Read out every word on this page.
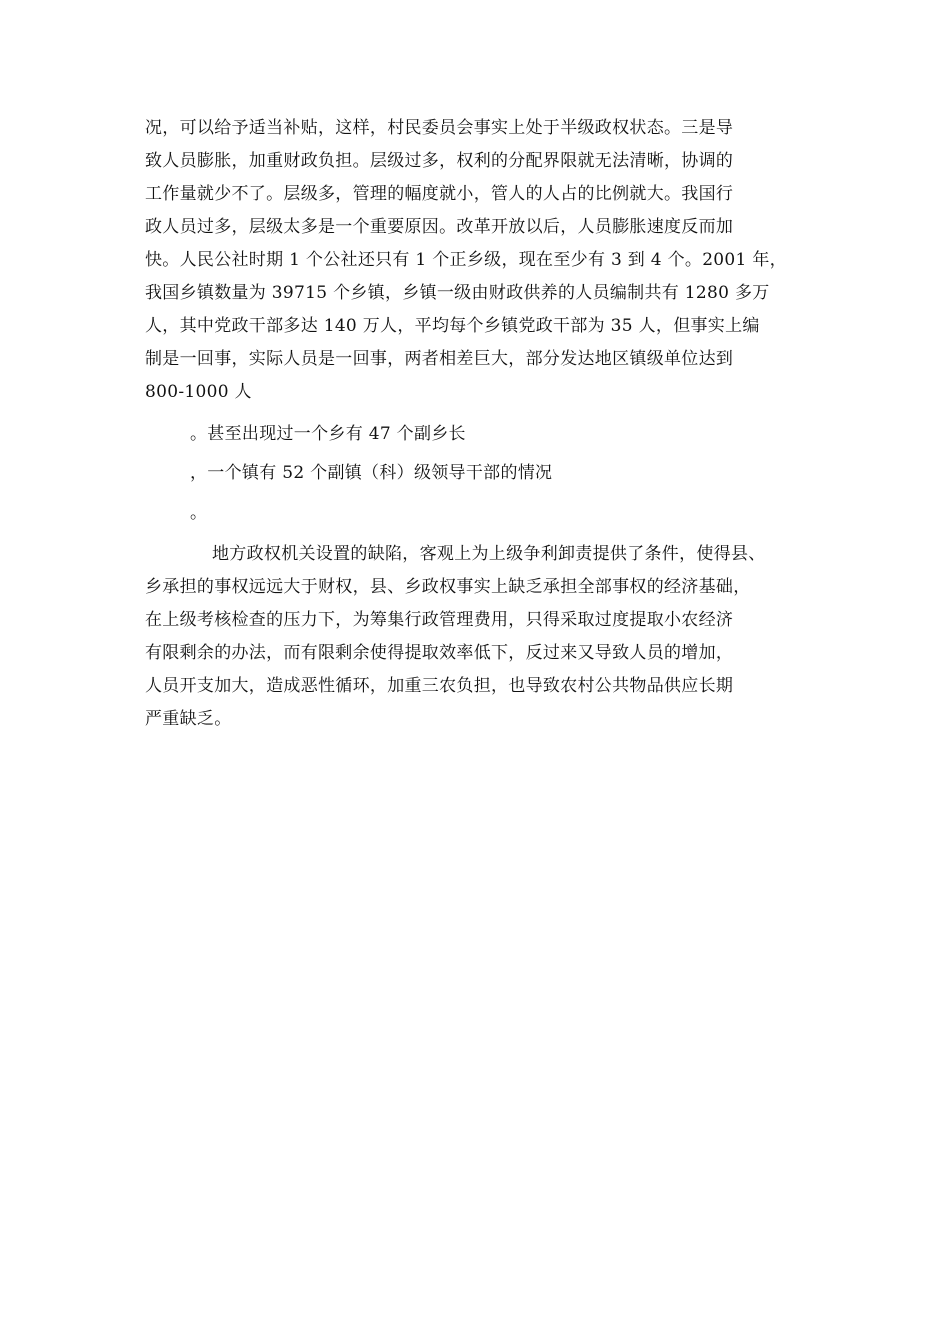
况，可以给予适当补贴，这样，村民委员会事实上处于半级政权状态。三是导
致人员膨胀，加重财政负担。层级过多，权利的分配界限就无法清晰，协调的
工作量就少不了。层级多，管理的幅度就小，管人的人占的比例就大。我国行
政人员过多，层级太多是一个重要原因。改革开放以后，人员膨胀速度反而加
快。人民公社时期 1 个公社还只有 1 个正乡级，现在至少有 3 到 4 个。2001 年，
我国乡镇数量为 39715 个乡镇，乡镇一级由财政供养的人员编制共有 1280 多万
人，其中党政干部多达 140 万人，平均每个乡镇党政干部为 35 人，但事实上编
制是一回事，实际人员是一回事，两者相差巨大，部分发达地区镇级单位达到
800-1000 人
。甚至出现过一个乡有 47 个副乡长
，一个镇有 52 个副镇（科）级领导干部的情况
。
地方政权机关设置的缺陷，客观上为上级争利卸责提供了条件，使得县、
乡承担的事权远远大于财权，县、乡政权事实上缺乏承担全部事权的经济基础，
在上级考核检查的压力下，为筹集行政管理费用，只得采取过度提取小农经济
有限剩余的办法，而有限剩余使得提取效率低下，反过来又导致人员的增加，
人员开支加大，造成恶性循环，加重三农负担，也导致农村公共物品供应长期
严重缺乏。
